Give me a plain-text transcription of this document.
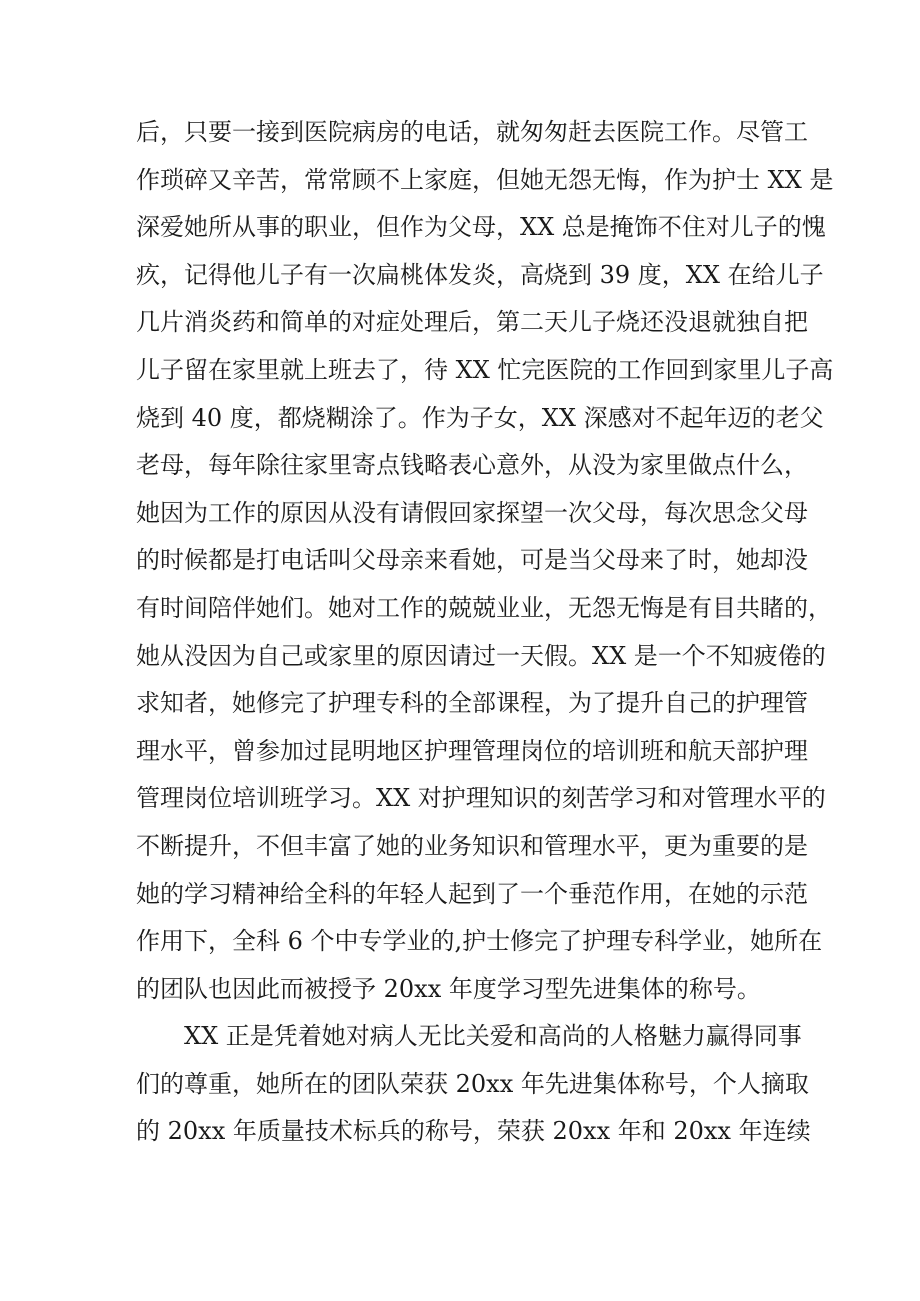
后，只要一接到医院病房的电话，就匆匆赶去医院工作。尽管工
作琐碎又辛苦，常常顾不上家庭，但她无怨无悔，作为护士 XX 是
深爱她所从事的职业，但作为父母，XX 总是掩饰不住对儿子的愧
疚，记得他儿子有一次扁桃体发炎，高烧到 39 度，XX 在给儿子
几片消炎药和简单的对症处理后，第二天儿子烧还没退就独自把
儿子留在家里就上班去了，待 XX 忙完医院的工作回到家里儿子高
烧到 40 度，都烧糊涂了。作为子女，XX 深感对不起年迈的老父
老母，每年除往家里寄点钱略表心意外，从没为家里做点什么，
她因为工作的原因从没有请假回家探望一次父母，每次思念父母
的时候都是打电话叫父母亲来看她，可是当父母来了时，她却没
有时间陪伴她们。她对工作的兢兢业业，无怨无悔是有目共睹的，
她从没因为自己或家里的原因请过一天假。XX 是一个不知疲倦的
求知者，她修完了护理专科的全部课程，为了提升自己的护理管
理水平，曾参加过昆明地区护理管理岗位的培训班和航天部护理
管理岗位培训班学习。XX 对护理知识的刻苦学习和对管理水平的
不断提升，不但丰富了她的业务知识和管理水平，更为重要的是
她的学习精神给全科的年轻人起到了一个垂范作用，在她的示范
作用下，全科 6 个中专学业的,护士修完了护理专科学业，她所在
的团队也因此而被授予 20xx 年度学习型先进集体的称号。
XX 正是凭着她对病人无比关爱和高尚的人格魅力赢得同事
们的尊重，她所在的团队荣获 20xx 年先进集体称号，个人摘取
的 20xx 年质量技术标兵的称号，荣获 20xx 年和 20xx 年连续
